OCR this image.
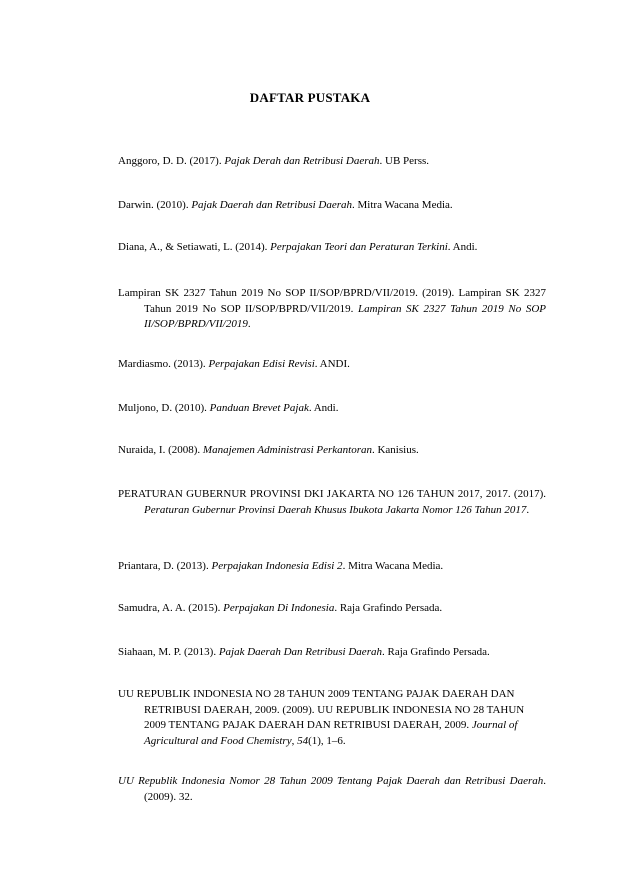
DAFTAR PUSTAKA
Anggoro, D. D. (2017). Pajak Derah dan Retribusi Daerah. UB Perss.
Darwin. (2010). Pajak Daerah dan Retribusi Daerah. Mitra Wacana Media.
Diana, A., & Setiawati, L. (2014). Perpajakan Teori dan Peraturan Terkini. Andi.
Lampiran SK 2327 Tahun 2019 No SOP II/SOP/BPRD/VII/2019. (2019). Lampiran SK 2327 Tahun 2019 No SOP II/SOP/BPRD/VII/2019. Lampiran SK 2327 Tahun 2019 No SOP II/SOP/BPRD/VII/2019.
Mardiasmo. (2013). Perpajakan Edisi Revisi. ANDI.
Muljono, D. (2010). Panduan Brevet Pajak. Andi.
Nuraida, I. (2008). Manajemen Administrasi Perkantoran. Kanisius.
PERATURAN GUBERNUR PROVINSI DKI JAKARTA NO 126 TAHUN 2017, 2017. (2017). Peraturan Gubernur Provinsi Daerah Khusus Ibukota Jakarta Nomor 126 Tahun 2017.
Priantara, D. (2013). Perpajakan Indonesia Edisi 2. Mitra Wacana Media.
Samudra, A. A. (2015). Perpajakan Di Indonesia. Raja Grafindo Persada.
Siahaan, M. P. (2013). Pajak Daerah Dan Retribusi Daerah. Raja Grafindo Persada.
UU REPUBLIK INDONESIA NO 28 TAHUN 2009 TENTANG PAJAK DAERAH DAN RETRIBUSI DAERAH, 2009. (2009). UU REPUBLIK INDONESIA NO 28 TAHUN 2009 TENTANG PAJAK DAERAH DAN RETRIBUSI DAERAH, 2009. Journal of Agricultural and Food Chemistry, 54(1), 1–6.
UU Republik Indonesia Nomor 28 Tahun 2009 Tentang Pajak Daerah dan Retribusi Daerah. (2009). 32.
